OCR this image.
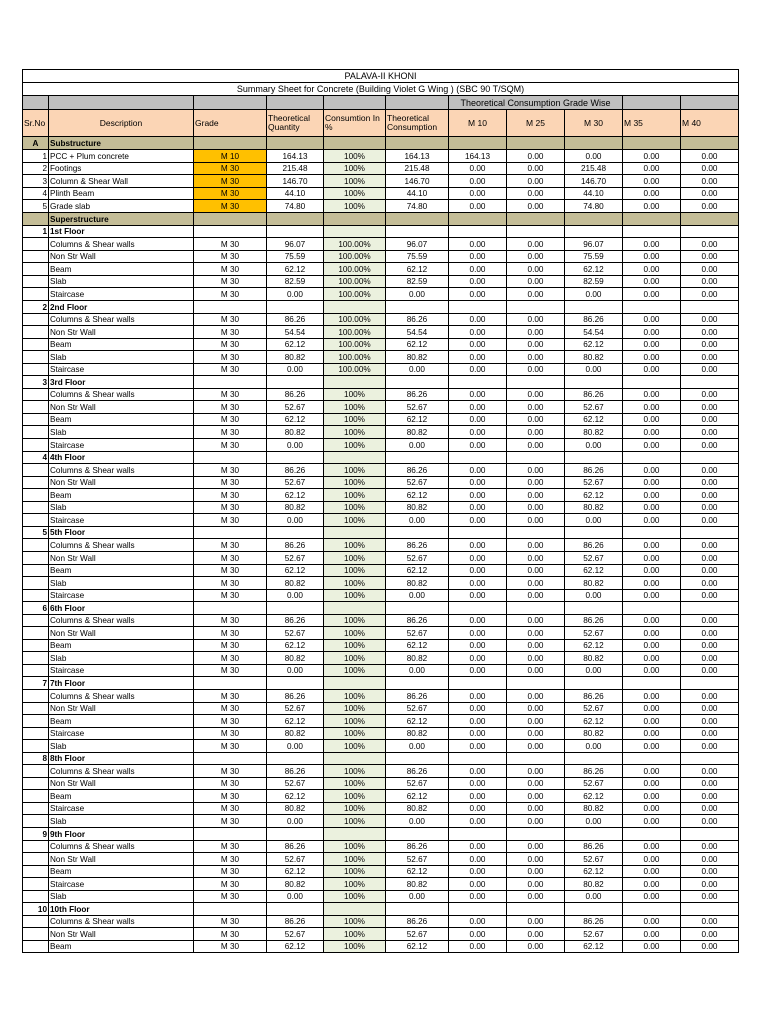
PALAVA-II KHONI										
Summary Sheet for Concrete (Building Violet G Wing ) (SBC 90 T/SQM)										
						Theoretical Consumption Grade Wise				
Sr.No	Description	Grade	Theoretical Quantity	Consumtion In %	Theoretical Consumption	M 10	M 25	M 30	M 35	M 40
A	Substructure									
1	PCC + Plum concrete	M 10	164.13	100%	164.13	164.13	0.00	0.00	0.00	0.00
2	Footings	M 30	215.48	100%	215.48	0.00	0.00	215.48	0.00	0.00
3	Column & Shear Wall	M 30	146.70	100%	146.70	0.00	0.00	146.70	0.00	0.00
4	Plinth Beam	M 30	44.10	100%	44.10	0.00	0.00	44.10	0.00	0.00
5	Grade slab	M 30	74.80	100%	74.80	0.00	0.00	74.80	0.00	0.00
	Superstructure									
1	1st Floor									
	Columns & Shear walls	M 30	96.07	100.00%	96.07	0.00	0.00	96.07	0.00	0.00
	Non Str Wall	M 30	75.59	100.00%	75.59	0.00	0.00	75.59	0.00	0.00
	Beam	M 30	62.12	100.00%	62.12	0.00	0.00	62.12	0.00	0.00
	Slab	M 30	82.59	100.00%	82.59	0.00	0.00	82.59	0.00	0.00
	Staircase	M 30	0.00	100.00%	0.00	0.00	0.00	0.00	0.00	0.00
2	2nd Floor									
	Columns & Shear walls	M 30	86.26	100.00%	86.26	0.00	0.00	86.26	0.00	0.00
	Non Str Wall	M 30	54.54	100.00%	54.54	0.00	0.00	54.54	0.00	0.00
	Beam	M 30	62.12	100.00%	62.12	0.00	0.00	62.12	0.00	0.00
	Slab	M 30	80.82	100.00%	80.82	0.00	0.00	80.82	0.00	0.00
	Staircase	M 30	0.00	100.00%	0.00	0.00	0.00	0.00	0.00	0.00
3	3rd Floor									
	Columns & Shear walls	M 30	86.26	100%	86.26	0.00	0.00	86.26	0.00	0.00
	Non Str Wall	M 30	52.67	100%	52.67	0.00	0.00	52.67	0.00	0.00
	Beam	M 30	62.12	100%	62.12	0.00	0.00	62.12	0.00	0.00
	Slab	M 30	80.82	100%	80.82	0.00	0.00	80.82	0.00	0.00
	Staircase	M 30	0.00	100%	0.00	0.00	0.00	0.00	0.00	0.00
4	4th Floor									
	Columns & Shear walls	M 30	86.26	100%	86.26	0.00	0.00	86.26	0.00	0.00
	Non Str Wall	M 30	52.67	100%	52.67	0.00	0.00	52.67	0.00	0.00
	Beam	M 30	62.12	100%	62.12	0.00	0.00	62.12	0.00	0.00
	Slab	M 30	80.82	100%	80.82	0.00	0.00	80.82	0.00	0.00
	Staircase	M 30	0.00	100%	0.00	0.00	0.00	0.00	0.00	0.00
5	5th Floor									
	Columns & Shear walls	M 30	86.26	100%	86.26	0.00	0.00	86.26	0.00	0.00
	Non Str Wall	M 30	52.67	100%	52.67	0.00	0.00	52.67	0.00	0.00
	Beam	M 30	62.12	100%	62.12	0.00	0.00	62.12	0.00	0.00
	Slab	M 30	80.82	100%	80.82	0.00	0.00	80.82	0.00	0.00
	Staircase	M 30	0.00	100%	0.00	0.00	0.00	0.00	0.00	0.00
6	6th Floor									
	Columns & Shear walls	M 30	86.26	100%	86.26	0.00	0.00	86.26	0.00	0.00
	Non Str Wall	M 30	52.67	100%	52.67	0.00	0.00	52.67	0.00	0.00
	Beam	M 30	62.12	100%	62.12	0.00	0.00	62.12	0.00	0.00
	Slab	M 30	80.82	100%	80.82	0.00	0.00	80.82	0.00	0.00
	Staircase	M 30	0.00	100%	0.00	0.00	0.00	0.00	0.00	0.00
7	7th Floor									
	Columns & Shear walls	M 30	86.26	100%	86.26	0.00	0.00	86.26	0.00	0.00
	Non Str Wall	M 30	52.67	100%	52.67	0.00	0.00	52.67	0.00	0.00
	Beam	M 30	62.12	100%	62.12	0.00	0.00	62.12	0.00	0.00
	Staircase	M 30	80.82	100%	80.82	0.00	0.00	80.82	0.00	0.00
	Slab	M 30	0.00	100%	0.00	0.00	0.00	0.00	0.00	0.00
8	8th Floor									
	Columns & Shear walls	M 30	86.26	100%	86.26	0.00	0.00	86.26	0.00	0.00
	Non Str Wall	M 30	52.67	100%	52.67	0.00	0.00	52.67	0.00	0.00
	Beam	M 30	62.12	100%	62.12	0.00	0.00	62.12	0.00	0.00
	Staircase	M 30	80.82	100%	80.82	0.00	0.00	80.82	0.00	0.00
	Slab	M 30	0.00	100%	0.00	0.00	0.00	0.00	0.00	0.00
9	9th Floor									
	Columns & Shear walls	M 30	86.26	100%	86.26	0.00	0.00	86.26	0.00	0.00
	Non Str Wall	M 30	52.67	100%	52.67	0.00	0.00	52.67	0.00	0.00
	Beam	M 30	62.12	100%	62.12	0.00	0.00	62.12	0.00	0.00
	Staircase	M 30	80.82	100%	80.82	0.00	0.00	80.82	0.00	0.00
	Slab	M 30	0.00	100%	0.00	0.00	0.00	0.00	0.00	0.00
10	10th Floor									
	Columns & Shear walls	M 30	86.26	100%	86.26	0.00	0.00	86.26	0.00	0.00
	Non Str Wall	M 30	52.67	100%	52.67	0.00	0.00	52.67	0.00	0.00
	Beam	M 30	62.12	100%	62.12	0.00	0.00	62.12	0.00	0.00
